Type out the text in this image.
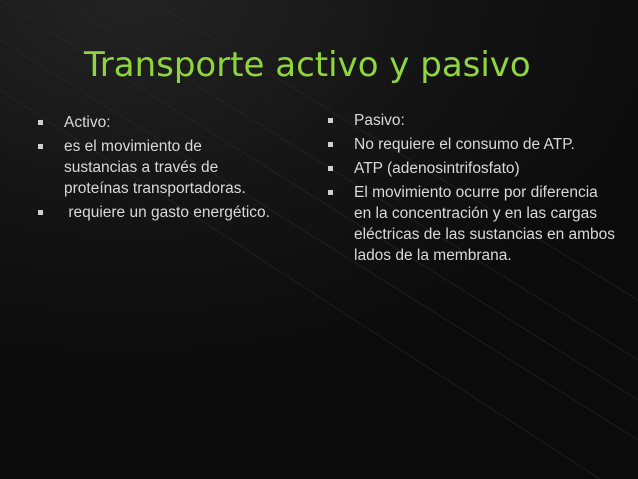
Transporte activo y pasivo
Activo:
es el movimiento de sustancias a través de proteínas transportadoras.
requiere un gasto energético.
Pasivo:
No requiere el consumo de ATP.
ATP (adenosintrifosfato)
El movimiento ocurre por diferencia en la concentración y en las cargas eléctricas de las sustancias en ambos lados de la membrana.
